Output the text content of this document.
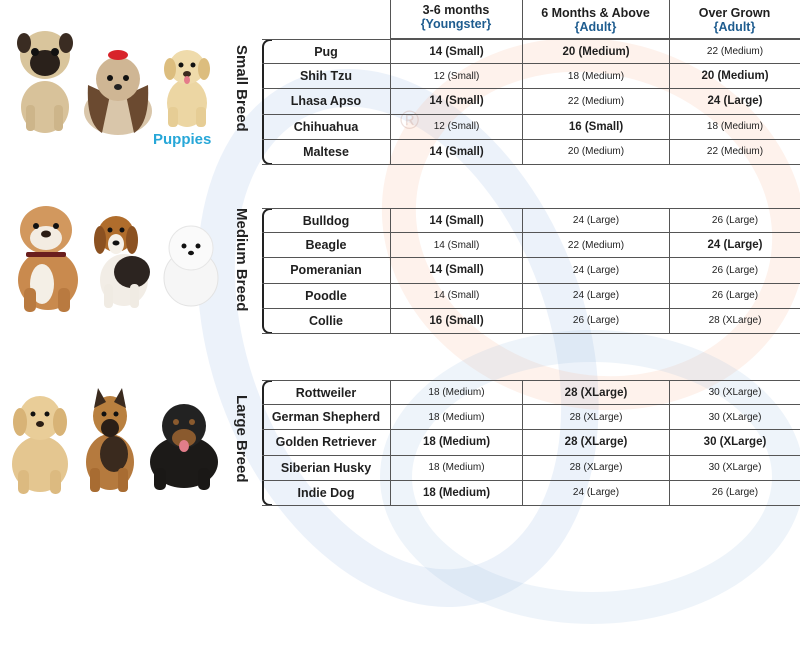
®
3-6 months
{Youngster}
6 Months & Above
{Adult}
Over Grown
{Adult}
Small Breed
Medium Breed
Large Breed
Puppies
Pug	14 (Small)	20 (Medium)	22 (Medium)
Shih Tzu	12 (Small)	18 (Medium)	20 (Medium)
Lhasa Apso	14 (Small)	22 (Medium)	24 (Large)
Chihuahua	12 (Small)	16 (Small)	18 (Medium)
Maltese	14 (Small)	20 (Medium)	22 (Medium)
Bulldog	14 (Small)	24 (Large)	26 (Large)
Beagle	14 (Small)	22 (Medium)	24 (Large)
Pomeranian	14 (Small)	24 (Large)	26 (Large)
Poodle	14 (Small)	24 (Large)	26 (Large)
Collie	16 (Small)	26 (Large)	28 (XLarge)
Rottweiler	18 (Medium)	28 (XLarge)	30 (XLarge)
German Shepherd	18 (Medium)	28 (XLarge)	30 (XLarge)
Golden Retriever	18 (Medium)	28 (XLarge)	30 (XLarge)
Siberian Husky	18 (Medium)	28 (XLarge)	30 (XLarge)
Indie Dog	18 (Medium)	24 (Large)	26 (Large)
